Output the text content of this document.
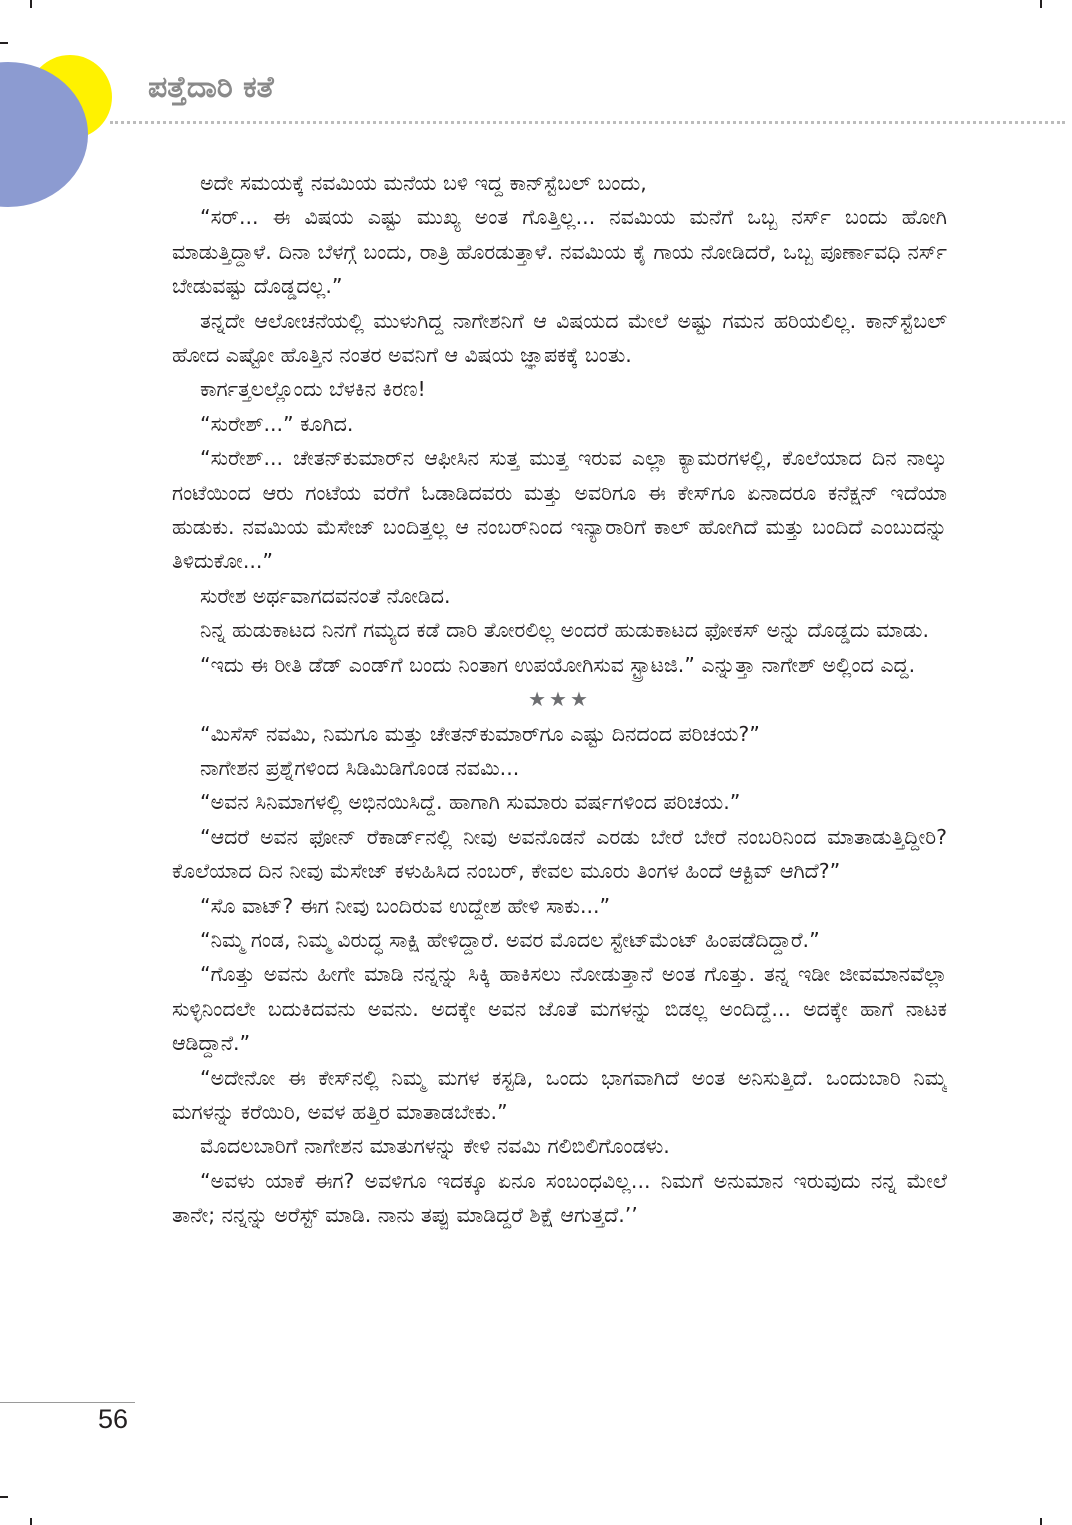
ಪತ್ತೆದಾರಿ ಕತೆ

ಅದೇ ಸಮಯಕ್ಕೆ ನವಮಿಯ ಮನೆಯ ಬಳಿ ಇದ್ದ ಕಾನ್‌ಸ್ಟೆಬಲ್ ಬಂದು,

“ಸರ್... ಈ ವಿಷಯ ಎಷ್ಟು ಮುಖ್ಯ ಅಂತ ಗೊತ್ತಿಲ್ಲ... ನವಮಿಯ ಮನೆಗೆ ಒಬ್ಬ ನರ್ಸ್ ಬಂದು ಹೋಗಿ ಮಾಡುತ್ತಿದ್ದಾಳೆ. ದಿನಾ ಬೆಳಗ್ಗೆ ಬಂದು, ರಾತ್ರಿ ಹೊರಡುತ್ತಾಳೆ. ನವಮಿಯ ಕೈ ಗಾಯ ನೋಡಿದರೆ, ಒಬ್ಬ ಪೂರ್ಣಾವಧಿ ನರ್ಸ್ ಬೇಡುವಷ್ಟು ದೊಡ್ಡದಲ್ಲ.”

ತನ್ನದೇ ಆಲೋಚನೆಯಲ್ಲಿ ಮುಳುಗಿದ್ದ ನಾಗೇಶನಿಗೆ ಆ ವಿಷಯದ ಮೇಲೆ ಅಷ್ಟು ಗಮನ ಹರಿಯಲಿಲ್ಲ. ಕಾನ್‌ಸ್ಟೆಬಲ್ ಹೋದ ಎಷ್ಟೋ ಹೊತ್ತಿನ ನಂತರ ಅವನಿಗೆ ಆ ವಿಷಯ ಜ್ಞಾಪಕಕ್ಕೆ ಬಂತು.

ಕಾರ್ಗತ್ತಲಲ್ಲೊಂದು ಬೆಳಕಿನ ಕಿರಣ!

“ಸುರೇಶ್...” ಕೂಗಿದ.

“ಸುರೇಶ್... ಚೇತನ್‌ಕುಮಾರ್‌ನ ಆಫೀಸಿನ ಸುತ್ತ ಮುತ್ತ ಇರುವ ಎಲ್ಲಾ ಕ್ಯಾಮರಗಳಲ್ಲಿ, ಕೊಲೆಯಾದ ದಿನ ನಾಲ್ಕು ಗಂಟೆಯಿಂದ ಆರು ಗಂಟೆಯ ವರೆಗೆ ಓಡಾಡಿದವರು ಮತ್ತು ಅವರಿಗೂ ಈ ಕೇಸ್‌ಗೂ ಏನಾದರೂ ಕನೆಕ್ಷನ್ ಇದೆಯಾ ಹುಡುಕು. ನವಮಿಯ ಮೆಸೇಜ್ ಬಂದಿತ್ತಲ್ಲ ಆ ನಂಬರ್‌ನಿಂದ ಇನ್ಯಾರಾರಿಗೆ ಕಾಲ್ ಹೋಗಿದೆ ಮತ್ತು ಬಂದಿದೆ ಎಂಬುದನ್ನು ತಿಳಿದುಕೋ...”

ಸುರೇಶ ಅರ್ಥವಾಗದವನಂತೆ ನೋಡಿದ.

ನಿನ್ನ ಹುಡುಕಾಟದ ನಿನಗೆ ಗಮ್ಯದ ಕಡೆ ದಾರಿ ತೋರಲಿಲ್ಲ ಅಂದರೆ ಹುಡುಕಾಟದ ಫೋಕಸ್ ಅನ್ನು ದೊಡ್ಡದು ಮಾಡು.

“ಇದು ಈ ರೀತಿ ಡೆಡ್ ಎಂಡ್‌ಗೆ ಬಂದು ನಿಂತಾಗ ಉಪಯೋಗಿಸುವ ಸ್ಟ್ರಾಟಜಿ.” ಎನ್ನುತ್ತಾ ನಾಗೇಶ್ ಅಲ್ಲಿಂದ ಎದ್ದ.

★★★

“ಮಿಸೆಸ್ ನವಮಿ, ನಿಮಗೂ ಮತ್ತು ಚೇತನ್‌ಕುಮಾರ್‌ಗೂ ಎಷ್ಟು ದಿನದಂದ ಪರಿಚಯ?”

ನಾಗೇಶನ ಪ್ರಶ್ನೆಗಳಿಂದ ಸಿಡಿಮಿಡಿಗೊಂಡ ನವಮಿ...

“ಅವನ ಸಿನಿಮಾಗಳಲ್ಲಿ ಅಭಿನಯಿಸಿದ್ದೆ. ಹಾಗಾಗಿ ಸುಮಾರು ವರ್ಷಗಳಿಂದ ಪರಿಚಯ.”

“ಆದರೆ ಅವನ ಫೋನ್ ರೆಕಾರ್ಡ್‌ನಲ್ಲಿ ನೀವು ಅವನೊಡನೆ ಎರಡು ಬೇರೆ ಬೇರೆ ನಂಬರಿನಿಂದ ಮಾತಾಡುತ್ತಿದ್ದೀರಿ? ಕೊಲೆಯಾದ ದಿನ ನೀವು ಮೆಸೇಜ್ ಕಳುಹಿಸಿದ ನಂಬರ್, ಕೇವಲ ಮೂರು ತಿಂಗಳ ಹಿಂದೆ ಆಕ್ಟಿವ್ ಆಗಿದೆ?”

“ಸೊ ವಾಟ್? ಈಗ ನೀವು ಬಂದಿರುವ ಉದ್ದೇಶ ಹೇಳಿ ಸಾಕು...”

“ನಿಮ್ಮ ಗಂಡ, ನಿಮ್ಮ ವಿರುದ್ಧ ಸಾಕ್ಷಿ ಹೇಳಿದ್ದಾರೆ. ಅವರ ಮೊದಲ ಸ್ಟೇಟ್‌ಮೆಂಟ್ ಹಿಂಪಡೆದಿದ್ದಾರೆ.”

“ಗೊತ್ತು ಅವನು ಹೀಗೇ ಮಾಡಿ ನನ್ನನ್ನು ಸಿಕ್ಕಿ ಹಾಕಿಸಲು ನೋಡುತ್ತಾನೆ ಅಂತ ಗೊತ್ತು. ತನ್ನ ಇಡೀ ಜೀವಮಾನವೆಲ್ಲಾ ಸುಳ್ಳಿನಿಂದಲೇ ಬದುಕಿದವನು ಅವನು. ಅದಕ್ಕೇ ಅವನ ಜೊತೆ ಮಗಳನ್ನು ಬಿಡಲ್ಲ ಅಂದಿದ್ದೆ... ಅದಕ್ಕೇ ಹಾಗೆ ನಾಟಕ ಆಡಿದ್ದಾನೆ.”

“ಅದೇನೋ ಈ ಕೇಸ್‌ನಲ್ಲಿ ನಿಮ್ಮ ಮಗಳ ಕಸ್ಟಡಿ, ಒಂದು ಭಾಗವಾಗಿದೆ ಅಂತ ಅನಿಸುತ್ತಿದೆ. ಒಂದುಬಾರಿ ನಿಮ್ಮ ಮಗಳನ್ನು ಕರೆಯಿರಿ, ಅವಳ ಹತ್ತಿರ ಮಾತಾಡಬೇಕು.”

ಮೊದಲಬಾರಿಗೆ ನಾಗೇಶನ ಮಾತುಗಳನ್ನು ಕೇಳಿ ನವಮಿ ಗಲಿಬಿಲಿಗೊಂಡಳು.

“ಅವಳು ಯಾಕೆ ಈಗ? ಅವಳಿಗೂ ಇದಕ್ಕೂ ಏನೂ ಸಂಬಂಧವಿಲ್ಲ... ನಿಮಗೆ ಅನುಮಾನ ಇರುವುದು ನನ್ನ ಮೇಲೆ ತಾನೇ; ನನ್ನನ್ನು ಅರೆಸ್ಟ್ ಮಾಡಿ. ನಾನು ತಪ್ಪು ಮಾಡಿದ್ದರೆ ಶಿಕ್ಷೆ ಆಗುತ್ತದೆ.’’

56
